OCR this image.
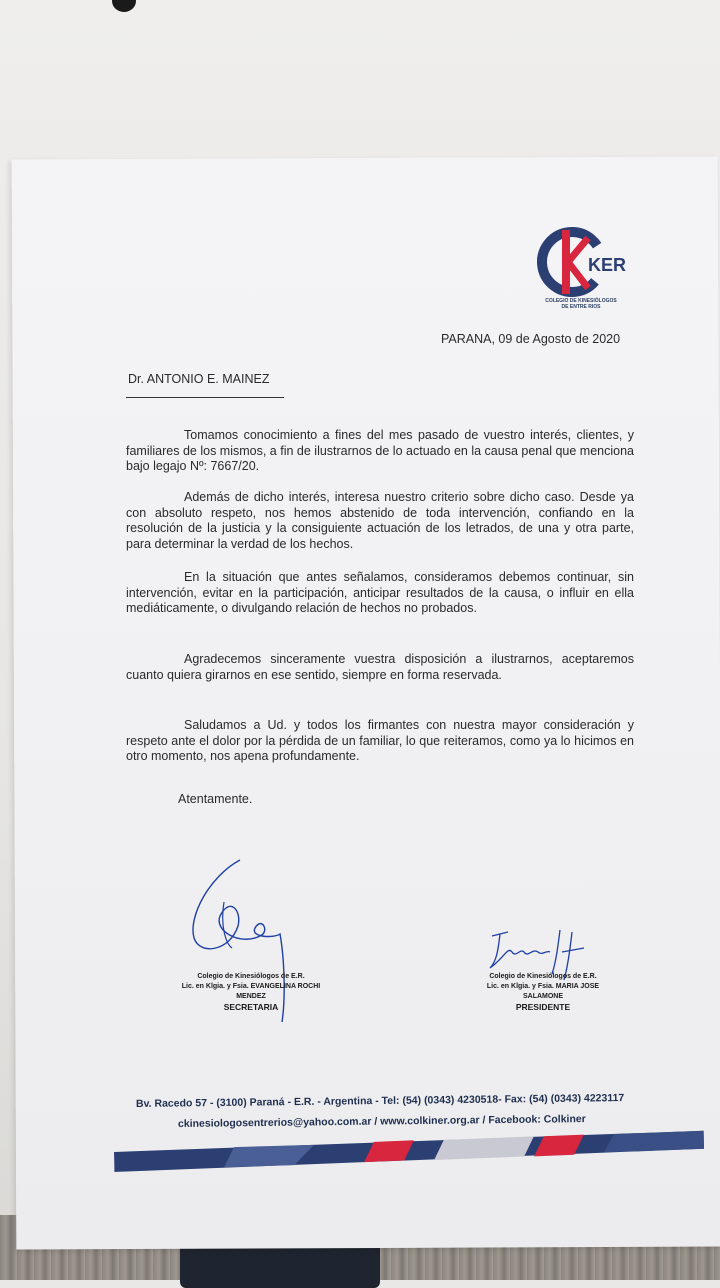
KER
COLEGIO DE KINESIÓLOGOS
DE ENTRE RIOS
PARANA, 09 de Agosto de 2020
Dr. ANTONIO E. MAINEZ
Tomamos conocimiento a fines del mes pasado de vuestro interés, clientes, y familiares de los mismos, a fin de ilustrarnos de lo actuado en la causa penal que menciona bajo legajo Nº: 7667/20.
Además de dicho interés, interesa nuestro criterio sobre dicho caso. Desde ya con absoluto respeto, nos hemos abstenido de toda intervención, confiando en la resolución de la justicia y la consiguiente actuación de los letrados, de una y otra parte, para determinar la verdad de los hechos.
En la situación que antes señalamos, consideramos debemos continuar, sin intervención, evitar en la participación, anticipar resultados de la causa, o influir en ella mediáticamente, o divulgando relación de hechos no probados.
Agradecemos sinceramente vuestra disposición a ilustrarnos, aceptaremos cuanto quiera girarnos en ese sentido, siempre en forma reservada.
Saludamos a Ud. y todos los firmantes con nuestra mayor consideración y respeto ante el dolor por la pérdida de un familiar, lo que reiteramos, como ya lo hicimos en otro momento, nos apena profundamente.
Atentamente.
Colegio de Kinesiólogos de E.R.
Lic. en Klgia. y Fsia. EVANGELINA ROCHI MENDEZ
SECRETARIA
Colegio de Kinesiólogos de E.R.
Lic. en Klgia. y Fsia. MARIA JOSE SALAMONE
PRESIDENTE
Bv. Racedo 57 - (3100) Paraná - E.R. - Argentina - Tel: (54) (0343) 4230518- Fax: (54) (0343) 4223117
ckinesiologosentrerios@yahoo.com.ar / www.colkiner.org.ar / Facebook: Colkiner
